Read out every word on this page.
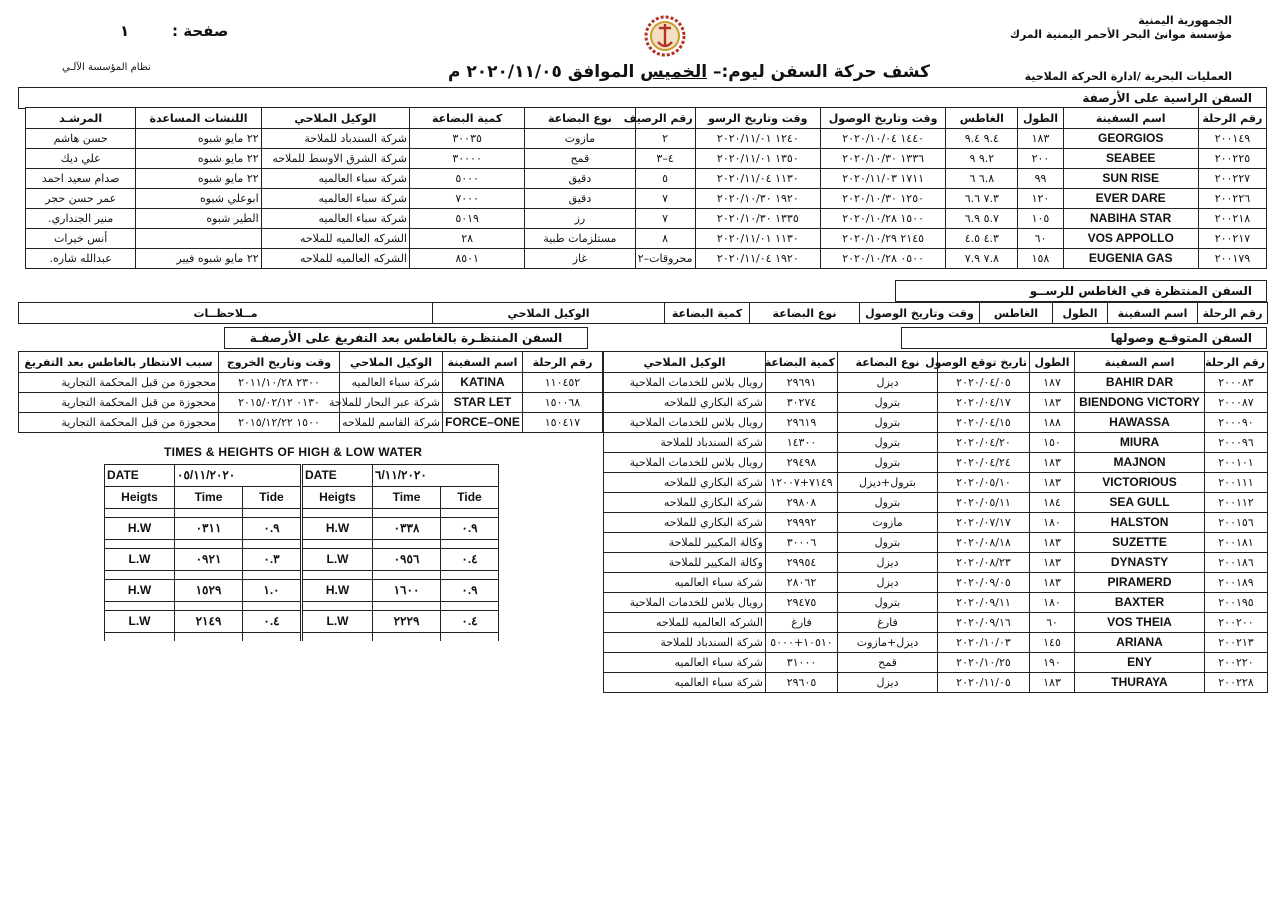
الجمهورية اليمنية
مؤسسة موانئ البحر الأحمر اليمنية المرك
العمليات البحرية /ادارة الحركة الملاحية
١	صفحة :
نظام المؤسسة الآلـي	كشف حركة السفن ليوم:– الخميس الموافق ٢٠٢٠/١١/٠٥ م
السفن الراسية على الأرصفة
رقم الرحلة	اسم السفينة	الطول	الغاطس	وقت وتاريخ الوصول	وقت وتاريخ الرسو	رقم الرصيف	نوع البضاعة	كمية البضاعة	الوكيل الملاحي	اللنشات المساعدة	المرشـد
٢٠٠١٤٩	GEORGIOS	١٨٣	٩.٤ ٩.٤	١٤٤٠ ٢٠٢٠/١٠/٠٤	١٢٤٠ ٢٠٢٠/١١/٠١	٢	مازوت	٣٠٠٣٥	شركة السندباد للملاحة	٢٢ مايو شبوه	حسن هاشم
٢٠٠٢٢٥	SEABEE	٢٠٠	٩.٢ ٩	١٣٣٦ ٢٠٢٠/١٠/٣٠	١٣٥٠ ٢٠٢٠/١١/٠١	٤–٣	قمح	٣٠٠٠٠	شركة الشرق الاوسط للملاحه	٢٢ مايو شبوه	علي ديك
٢٠٠٢٢٧	SUN RISE	٩٩	٦.٨ ٦	١٧١١ ٢٠٢٠/١١/٠٣	١١٣٠ ٢٠٢٠/١١/٠٤	٥	دقيق	٥٠٠٠	شركة سباء العالميه	٢٢ مايو شبوه	صدام سعيد احمد
٢٠٠٢٢٦	EVER DARE	١٢٠	٧.٣ ٦.٦	١٢٥٠ ٢٠٢٠/١٠/٣٠	١٩٢٠ ٢٠٢٠/١٠/٣٠	٧	دقيق	٧٠٠٠	شركة سباء العالميه	ابوعلي شبوه	عمر حسن حجر
٢٠٠٢١٨	NABIHA STAR	١٠٥	٥.٧ ٦.٩	١٥٠٠ ٢٠٢٠/١٠/٢٨	١٣٣٥ ٢٠٢٠/١٠/٣٠	٧	رز	٥٠١٩	شركة سباء العالميه	الطير شبوه	منير الجنداري.
٢٠٠٢١٧	VOS APPOLLO	٦٠	٤.٣ ٤.٥	٢١٤٥ ٢٠٢٠/١٠/٢٩	١١٣٠ ٢٠٢٠/١١/٠١	٨	مستلزمات طبية	٢٨	الشركه العالميه للملاحه		أنس خيرات
٢٠٠١٧٩	EUGENIA GAS	١٥٨	٧.٨ ٧.٩	٠٥٠٠ ٢٠٢٠/١٠/٢٨	١٩٢٠ ٢٠٢٠/١١/٠٤	محروقات–٢	غاز	٨٥٠١	الشركه العالميه للملاحه	٢٢ مايو شبوه فيير	عبدالله شاره.
السفن المنتظرة في الغاطس للرســو
رقم الرحلة	اسم السفينة	الطول	الغاطس	وقت وتاريخ الوصول	نوع البضاعة	كمية البضاعة	الوكيل الملاحي	مــلاحظــات
السفن المتوقـع وصولها
رقم الرحلة	اسم السفينة	الطول	تاريخ توقع الوصول	نوع البضاعة	كمية البضاعة	الوكيل الملاحي
٢٠٠٠٨٣	BAHIR DAR	١٨٧	٢٠٢٠/٠٤/٠٥	ديزل	٢٩٦٩١	رويال بلاس للخدمات الملاحية
٢٠٠٠٨٧	BIENDONG VICTORY	١٨٣	٢٠٢٠/٠٤/١٧	بترول	٣٠٢٧٤	شركة البكاري للملاحه
٢٠٠٠٩٠	HAWASSA	١٨٨	٢٠٢٠/٠٤/١٥	بترول	٢٩٦١٩	رويال بلاس للخدمات الملاحية
٢٠٠٠٩٦	MIURA	١٥٠	٢٠٢٠/٠٤/٢٠	بترول	١٤٣٠٠	شركة السندباد للملاحة
٢٠٠١٠١	MAJNON	١٨٣	٢٠٢٠/٠٤/٢٤	بترول	٢٩٤٩٨	رويال بلاس للخدمات الملاحية
٢٠٠١١١	VICTORIOUS	١٨٣	٢٠٢٠/٠٥/١٠	بترول+ديزل	٧١٤٩+١٢٠٠٧	شركة البكاري للملاحه
٢٠٠١١٢	SEA GULL	١٨٤	٢٠٢٠/٠٥/١١	بترول	٢٩٨٠٨	شركة البكاري للملاحه
٢٠٠١٥٦	HALSTON	١٨٠	٢٠٢٠/٠٧/١٧	مازوت	٢٩٩٩٢	شركة البكاري للملاحه
٢٠٠١٨١	SUZETTE	١٨٣	٢٠٢٠/٠٨/١٨	بترول	٣٠٠٠٦	وكالة المكيير للملاحة
٢٠٠١٨٦	DYNASTY	١٨٣	٢٠٢٠/٠٨/٢٣	ديزل	٢٩٩٥٤	وكالة المكيير للملاحة
٢٠٠١٨٩	PIRAMERD	١٨٣	٢٠٢٠/٠٩/٠٥	ديزل	٢٨٠٦٢	شركة سباء العالميه
٢٠٠١٩٥	BAXTER	١٨٠	٢٠٢٠/٠٩/١١	بترول	٢٩٤٧٥	رويال بلاس للخدمات الملاحية
٢٠٠٢٠٠	VOS THEIA	٦٠	٢٠٢٠/٠٩/١٦	فارغ	فارغ	الشركه العالميه للملاحه
٢٠٠٢١٣	ARIANA	١٤٥	٢٠٢٠/١٠/٠٣	ديزل+مازوت	١٠٥١٠+٥٠٠٠	شركة السندباد للملاحة
٢٠٠٢٢٠	ENY	١٩٠	٢٠٢٠/١٠/٢٥	قمح	٣١٠٠٠	شركة سباء العالميه
٢٠٠٢٢٨	THURAYA	١٨٣	٢٠٢٠/١١/٠٥	ديزل	٢٩٦٠٥	شركة سباء العالميه
السفن المنتظـرة بالغاطس بعد التفريغ على الأرصفـة
رقم الرحلة	اسم السفينة	الوكيل الملاحي	وقت وتاريخ الخروج	سبب الانتظار بالغاطس بعد التفريغ
١١٠٤٥٢	KATINA	شركة سباء العالميه	٢٣٠٠ ٢٠١١/١٠/٢٨	محجوزة من قبل المحكمة التجارية
١٥٠٠٦٨	STAR LET	شركة عبر البحار للملاحة	٠١٣٠ ٢٠١٥/٠٢/١٢	محجوزة من قبل المحكمة التجارية
١٥٠٤١٧	FORCE–ONE	شركة القاسم للملاحه	١٥٠٠ ٢٠١٥/١٢/٢٢	محجوزة من قبل المحكمة التجارية
TIMES & HEIGHTS OF HIGH & LOW WATER
DATE	٠٥/١١/٢٠٢٠	
Heigts	Time	Tide

H.W	٠٣١١	٠.٩

L.W	٠٩٢١	٠.٣

H.W	١٥٢٩	١.٠

L.W	٢١٤٩	٠.٤

DATE	٦/١١/٢٠٢٠	
Heigts	Time	Tide

H.W	٠٣٣٨	٠.٩

L.W	٠٩٥٦	٠.٤

H.W	١٦٠٠	٠.٩

L.W	٢٢٢٩	٠.٤
